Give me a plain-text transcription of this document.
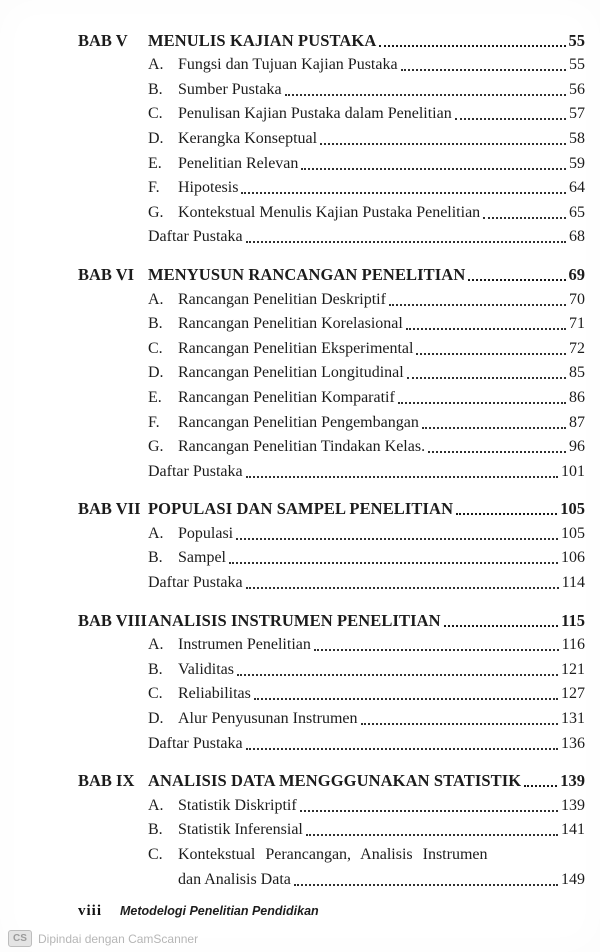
BAB V	MENULIS KAJIAN PUSTAKA	55
A. Fungsi dan Tujuan Kajian Pustaka	55
B. Sumber Pustaka	56
C. Penulisan Kajian Pustaka dalam Penelitian	57
D. Kerangka Konseptual	58
E.	Penelitian Relevan	59
F.	Hipotesis	64
G. Kontekstual Menulis Kajian Pustaka Penelitian	65
Daftar Pustaka	68
BAB VI MENYUSUN RANCANGAN PENELITIAN	69
A. Rancangan Penelitian Deskriptif	70
B. Rancangan Penelitian Korelasional	71
C. Rancangan Penelitian Eksperimental	72
D. Rancangan Penelitian Longitudinal	85
E.	Rancangan Penelitian Komparatif	86
F.	Rancangan Penelitian Pengembangan	87
G. Rancangan Penelitian Tindakan Kelas.	96
Daftar Pustaka	101
BAB VII POPULASI DAN SAMPEL PENELITIAN	105
A. Populasi	105
B. Sampel	106
Daftar Pustaka	114
BAB VIII ANALISIS INSTRUMEN PENELITIAN	115
A. Instrumen Penelitian	116
B. Validitas	121
C. Reliabilitas	127
D. Alur Penyusunan Instrumen	131
Daftar Pustaka	136
BAB IX ANALISIS DATA MENGGGUNAKAN STATISTIK 139
A. Statistik Diskriptif	139
B. Statistik Inferensial	141
C. Kontekstual Perancangan, Analisis Instrumen
dan Analisis Data	149
viii Metodelogi Penelitian Pendidikan
CS Dipindai dengan CamScanner
